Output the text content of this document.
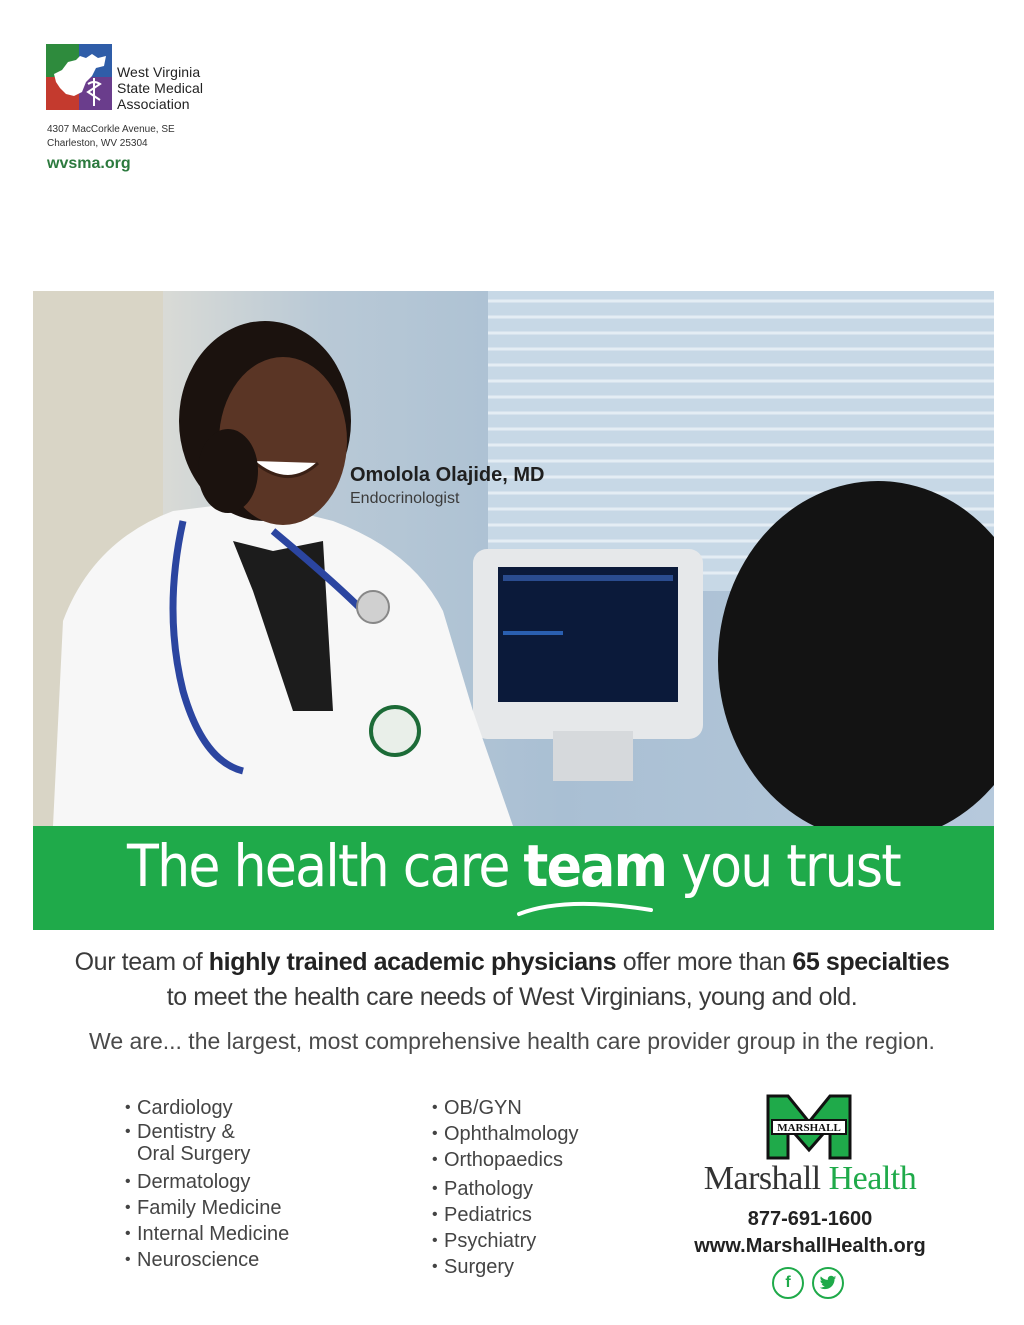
West Virginia
State Medical
Association
4307 MacCorkle Avenue, SE
Charleston, WV 25304
wvsma.org
Omolola Olajide, MD
Endocrinologist
The health care team you trust
Our team of highly trained academic physicians offer more than 65 specialties
to meet the health care needs of West Virginians, young and old.
We are... the largest, most comprehensive health care provider group in the region.
• Cardiology
• Dentistry & Oral Surgery
• Dermatology
• Family Medicine
• Internal Medicine
• Neuroscience
• OB/GYN
• Ophthalmology
• Orthopaedics
• Pathology
• Pediatrics
• Psychiatry
• Surgery
MARSHALL
Marshall Health
877-691-1600
www.MarshallHealth.org
f
